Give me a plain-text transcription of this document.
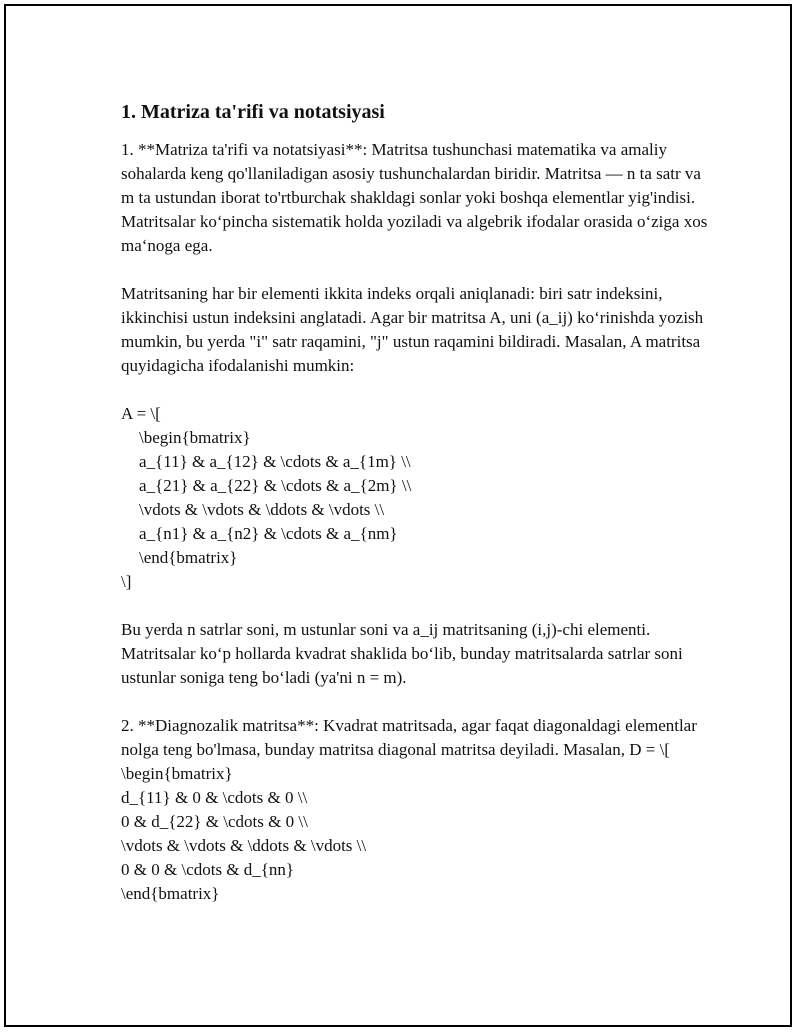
1. Matriza ta'rifi va notatsiyasi

1. **Matriza ta'rifi va notatsiyasi**: Matritsa tushunchasi matematika va amaliy sohalarda keng qo'llaniladigan asosiy tushunchalardan biridir. Matritsa — n ta satr va m ta ustundan iborat to'rtburchak shakldagi sonlar yoki boshqa elementlar yig'indisi. Matritsalar ko‘pincha sistematik holda yoziladi va algebrik ifodalar orasida o‘ziga xos ma‘noga ega.

Matritsaning har bir elementi ikkita indeks orqali aniqlanadi: biri satr indeksini, ikkinchisi ustun indeksini anglatadi. Agar bir matritsa A, uni (a_ij) ko‘rinishda yozish mumkin, bu yerda "i" satr raqamini, "j" ustun raqamini bildiradi. Masalan, A matritsa quyidagicha ifodalanishi mumkin:

A = \[

\begin{bmatrix}

a_{11} & a_{12} & \cdots & a_{1m} \\

a_{21} & a_{22} & \cdots & a_{2m} \\

\vdots & \vdots & \ddots & \vdots \\

a_{n1} & a_{n2} & \cdots & a_{nm}

\end{bmatrix}

\]

Bu yerda n satrlar soni, m ustunlar soni va a_ij matritsaning (i,j)-chi elementi. Matritsalar ko‘p hollarda kvadrat shaklida bo‘lib, bunday matritsalarda satrlar soni ustunlar soniga teng bo‘ladi (ya'ni n = m).

2. **Diagnozalik matritsa**: Kvadrat matritsada, agar faqat diagonaldagi elementlar nolga teng bo'lmasa, bunday matritsa diagonal matritsa deyiladi. Masalan, D = \[

\begin{bmatrix}

d_{11} & 0 & \cdots & 0 \\

0 & d_{22} & \cdots & 0 \\

\vdots & \vdots & \ddots & \vdots \\

0 & 0 & \cdots & d_{nn}

\end{bmatrix}
